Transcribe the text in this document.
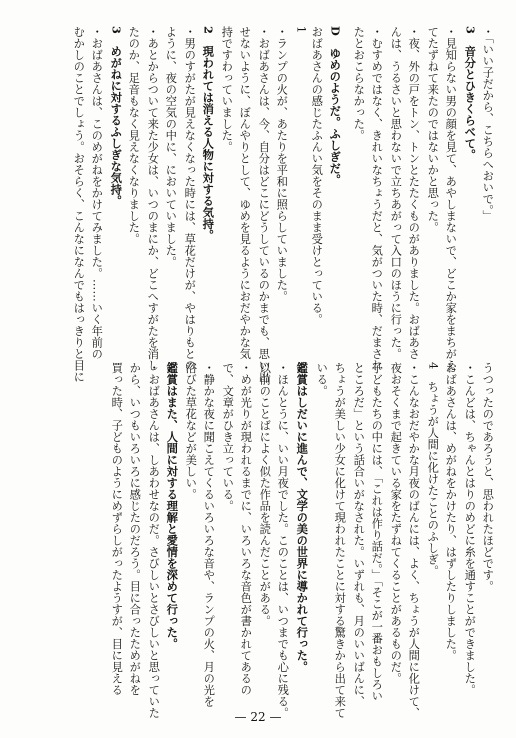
・「いい子だから、こちらへおいで。」
3　音分とひきくらべて。
・見知らない男の顔を見て、あやしまないで、どこか家をまちがえ
てたずねて来たのではないかと思った。
・夜、外の戸をトン、トンとたたくものがありました。おばあさ
んは、うるさいと思わないで立ちあがって入口のほうに行った。
・むすめではなく、きれいなちょうだと、気がついた時、だまされ
たとおこらなかった。
D　ゆめのようだ。ふしぎだ。
おばあさんの感じたふんい気をそのまま受けとっている。
1
・ランプの火が、あたりを平和に照らしていました。
・おばあさんは、今、自分はどこにどうしているのかまでも、思い出
せないように、ぼんやりとして、ゆめを見るようにおだやかな気
持ですわっていました。
2　現われては消える人物に対する気持。
・男のすがたが見えなくなった時には、草花だけが、やはりもとの
ように、夜の空気の中に、においていました。
・あとからついて来た少女は、いつのまにか、どこへすがたを消し
たのか、足音もなく見えなくなりました。
3　めがねに対するふしぎな気持。
・おばあさんは、このめがねをかけてみました。……いく年前の
むかしのことでしょう。おそらく、こんなになんでもはっきりと目に
うつったのであろうと、思われたほどです。
・こんどは、ちゃんとはりのめどに糸を通すことができました。
おばあさんは、めがねをかけたり、はずしたりしました。
4　ちょうが人間に化けたことのふしぎ。
・こんなおだやかな月夜のばんには、よく、ちょうが人間に化けて、
夜おそくまで起きている家をたずねてくることがあるものだ。
子どもたちの中には、「これは作り話だ。」「そこが一番おもしろい
ところだ」という話合いがなされた。いずれも、月のいいばんに、
ちょうが美しい少女に化けて現われたことに対する驚きから出て来て
いる。
鑑賞はしだいに進んで、文学の美の世界に導かれて行った。
・ほんとうに、いい月夜でした。このことは、いつまでも心に残る。
以前のことばによく似た作品を読んだことがある。
・めが光りが現われるまでに、いろいろな音色が書かれてあるの
で、文章がひき立っている。
・静かな夜に聞こえてくるいろいろな音や、ランプの火、月の光を
浴びた草花などが美しい。
鑑賞はまた、人間に対する理解と愛情を深めて行った。
・おばあさんは、しあわせなのだ。さびしいとさびしいと思っていた
から、いつもいろいろに感じたのだろう。目に合ったためがねを
買った時、子どものようにめずらしがったようすが、目に見える
— 22 —
